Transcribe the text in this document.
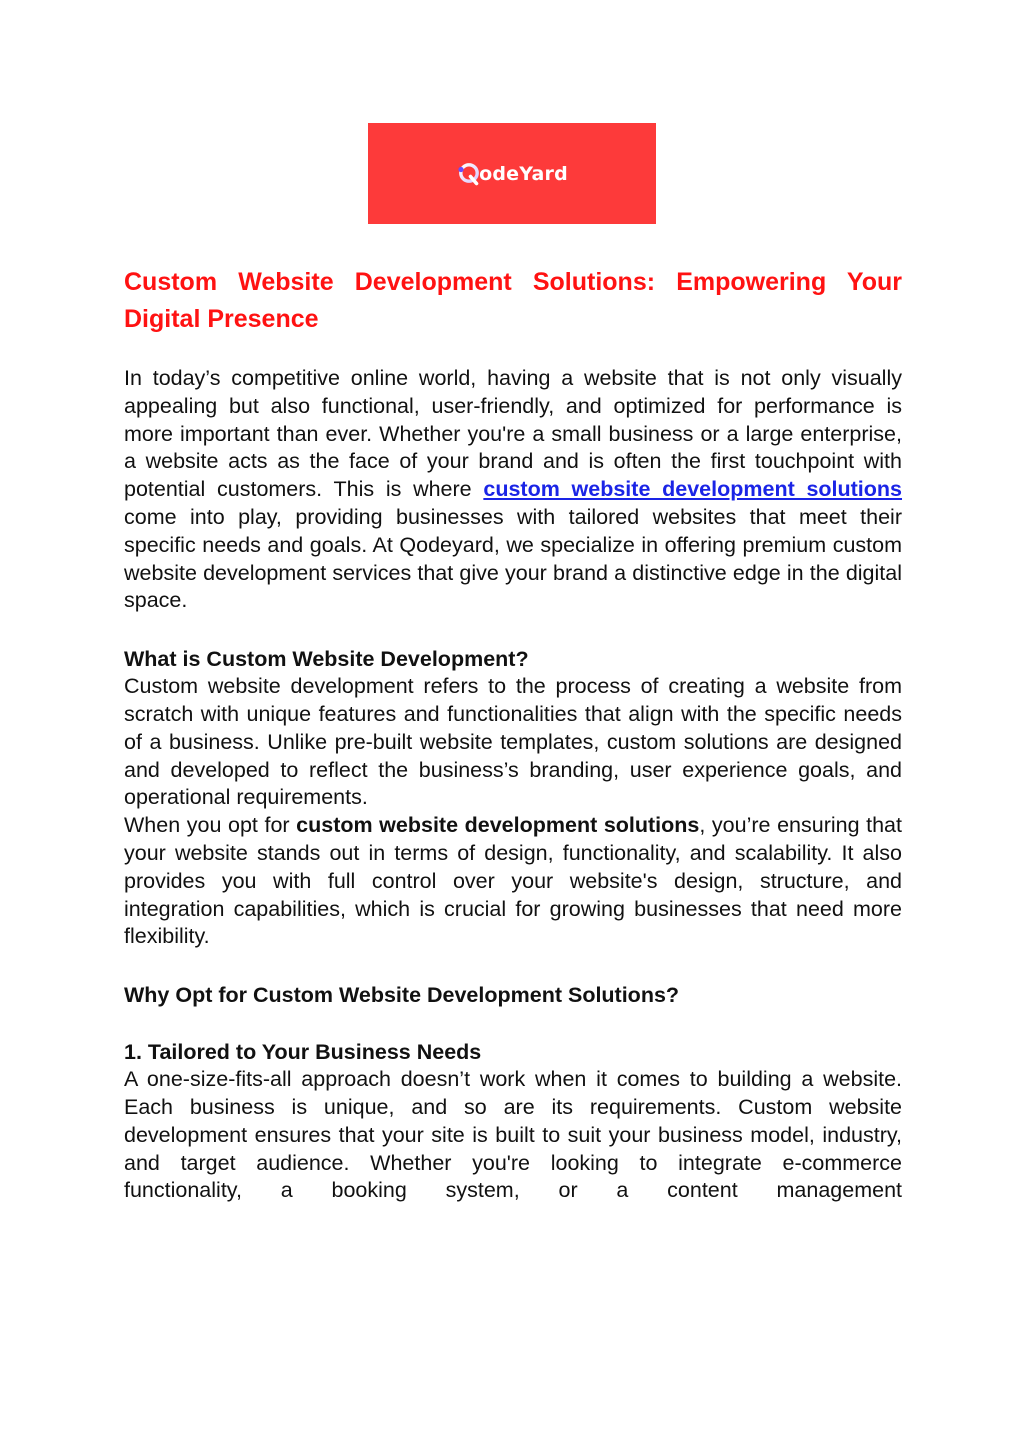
odeYard
Custom Website Development Solutions: Empowering Your Digital Presence

In today’s competitive online world, having a website that is not only visually appealing but also functional, user-friendly, and optimized for performance is more important than ever. Whether you're a small business or a large enterprise, a website acts as the face of your brand and is often the first touchpoint with potential customers. This is where custom website development solutions come into play, providing businesses with tailored websites that meet their specific needs and goals. At Qodeyard, we specialize in offering premium custom website development services that give your brand a distinctive edge in the digital space.

What is Custom Website Development?

Custom website development refers to the process of creating a website from scratch with unique features and functionalities that align with the specific needs of a business. Unlike pre-built website templates, custom solutions are designed and developed to reflect the business’s branding, user experience goals, and operational requirements.

When you opt for custom website development solutions, you’re ensuring that your website stands out in terms of design, functionality, and scalability. It also provides you with full control over your website's design, structure, and integration capabilities, which is crucial for growing businesses that need more flexibility.

Why Opt for Custom Website Development Solutions?
1. Tailored to Your Business Needs

A one-size-fits-all approach doesn’t work when it comes to building a website. Each business is unique, and so are its requirements. Custom website development ensures that your site is built to suit your business model, industry, and target audience. Whether you're looking to integrate e-commerce functionality, a booking system, or a content management
